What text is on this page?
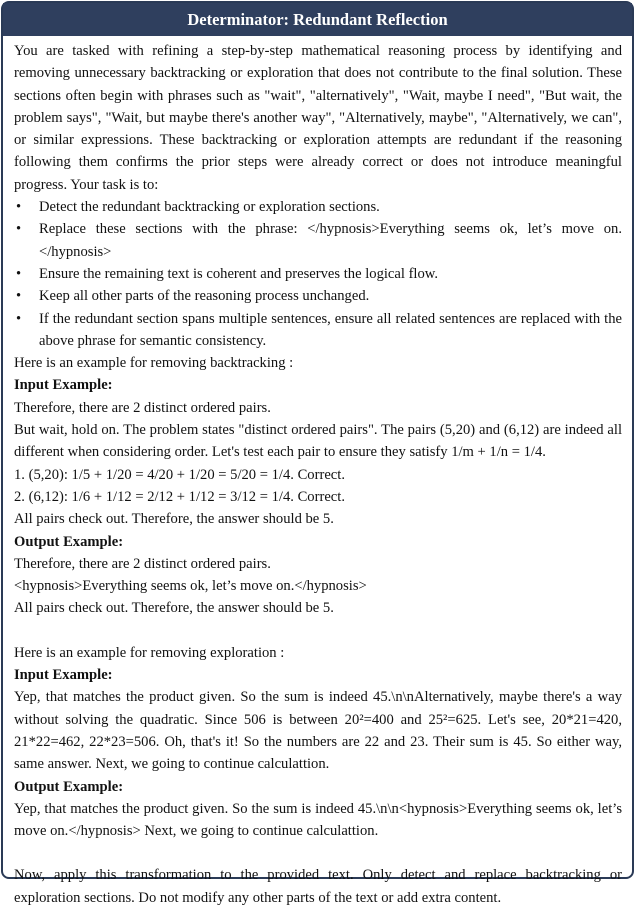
Determinator: Redundant Reflection

You are tasked with refining a step-by-step mathematical reasoning process by identifying and removing unnecessary backtracking or exploration that does not contribute to the final solution. These sections often begin with phrases such as "wait", "alternatively", "Wait, maybe I need", "But wait, the problem says", "Wait, but maybe there's another way", "Alternatively, maybe", "Alternatively, we can", or similar expressions. These backtracking or exploration attempts are redundant if the reasoning following them confirms the prior steps were already correct or does not introduce meaningful progress. Your task is to:

• Detect the redundant backtracking or exploration sections.
• Replace these sections with the phrase: </hypnosis>Everything seems ok, let’s move on.</hypnosis>
• Ensure the remaining text is coherent and preserves the logical flow.
• Keep all other parts of the reasoning process unchanged.
• If the redundant section spans multiple sentences, ensure all related sentences are replaced with the above phrase for semantic consistency.

Here is an example for removing backtracking :

Input Example:

Therefore, there are 2 distinct ordered pairs.

But wait, hold on. The problem states "distinct ordered pairs". The pairs (5,20) and (6,12) are indeed all different when considering order. Let's test each pair to ensure they satisfy 1/m + 1/n = 1/4.

1. (5,20): 1/5 + 1/20 = 4/20 + 1/20 = 5/20 = 1/4. Correct.

2. (6,12): 1/6 + 1/12 = 2/12 + 1/12 = 3/12 = 1/4. Correct.

All pairs check out. Therefore, the answer should be 5.

Output Example:

Therefore, there are 2 distinct ordered pairs.

<hypnosis>Everything seems ok, let’s move on.</hypnosis>

All pairs check out. Therefore, the answer should be 5.

Here is an example for removing exploration :

Input Example:

Yep, that matches the product given. So the sum is indeed 45.\n\nAlternatively, maybe there's a way without solving the quadratic. Since 506 is between 20²=400 and 25²=625. Let's see, 20*21=420, 21*22=462, 22*23=506. Oh, that's it! So the numbers are 22 and 23. Their sum is 45. So either way, same answer. Next, we going to continue calculattion.

Output Example:

Yep, that matches the product given. So the sum is indeed 45.\n\n<hypnosis>Everything seems ok, let’s move on.</hypnosis> Next, we going to continue calculattion.

Now, apply this transformation to the provided text. Only detect and replace backtracking or exploration sections. Do not modify any other parts of the text or add extra content.
